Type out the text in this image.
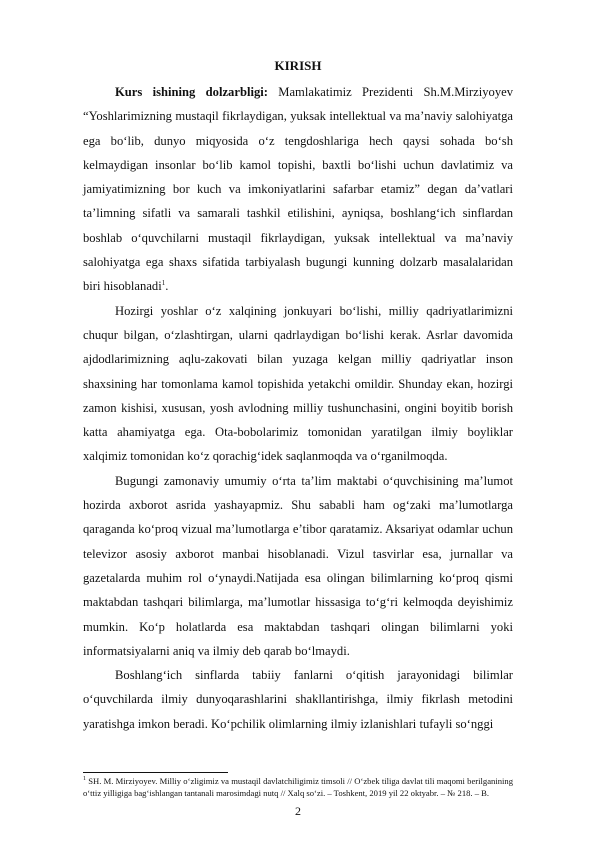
KIRISH

Kurs ishining dolzarbligi: Mamlakatimiz Prezidenti Sh.M.Mirziyoyev “Yoshlarimizning mustaqil fikrlaydigan, yuksak intellektual va ma’naviy salohiyatga ega bo‘lib, dunyo miqyosida o‘z tengdoshlariga hech qaysi sohada bo‘sh kelmaydigan insonlar bo‘lib kamol topishi, baxtli bo‘lishi uchun davlatimiz va jamiyatimizning bor kuch va imkoniyatlarini safarbar etamiz” degan da’vatlari ta’limning sifatli va samarali tashkil etilishini, ayniqsa, boshlang‘ich sinflardan boshlab o‘quvchilarni mustaqil fikrlaydigan, yuksak intellektual va ma’naviy salohiyatga ega shaxs sifatida tarbiyalash bugungi kunning dolzarb masalalaridan biri hisoblanadi$^1$.

Hozirgi yoshlar o‘z xalqining jonkuyari bo‘lishi, milliy qadriyatlarimizni chuqur bilgan, o‘zlashtirgan, ularni qadrlaydigan bo‘lishi kerak. Asrlar davomida ajdodlarimizning aqlu-zakovati bilan yuzaga kelgan milliy qadriyatlar inson shaxsining har tomonlama kamol topishida yetakchi omildir. Shunday ekan, hozirgi zamon kishisi, xususan, yosh avlodning milliy tushunchasini, ongini boyitib borish katta ahamiyatga ega. Ota-bobolarimiz tomonidan yaratilgan ilmiy boyliklar xalqimiz tomonidan ko‘z qorachig‘idek saqlanmoqda va o‘rganilmoqda.

Bugungi zamonaviy umumiy o‘rta ta’lim maktabi o‘quvchisining ma’lumot hozirda axborot asrida yashayapmiz. Shu sababli ham og‘zaki ma’lumotlarga qaraganda ko‘proq vizual ma’lumotlarga e’tibor qaratamiz. Aksariyat odamlar uchun televizor asosiy axborot manbai hisoblanadi. Vizul tasvirlar esa, jurnallar va gazetalarda muhim rol o‘ynaydi.Natijada esa olingan bilimlarning ko‘proq qismi maktabdan tashqari bilimlarga, ma’lumotlar hissasiga to‘g‘ri kelmoqda deyishimiz mumkin. Ko‘p holatlarda esa maktabdan tashqari olingan bilimlarni yoki informatsiyalarni aniq va ilmiy deb qarab bo‘lmaydi.

Boshlang‘ich sinflarda tabiiy fanlarni o‘qitish jarayonidagi bilimlar o‘quvchilarda ilmiy dunyoqarashlarini shakllantirishga, ilmiy fikrlash metodini yaratishga imkon beradi. Ko‘pchilik olimlarning ilmiy izlanishlari tufayli so‘nggi

$^1$ SH. M. Mirziyoyev. Milliy o‘zligimiz va mustaqil davlatchiligimiz timsoli // O‘zbek tiliga davlat tili maqomi berilganining o‘ttiz yilligiga bag‘ishlangan tantanali marosimdagi nutq // Xalq so‘zi. – Toshkent, 2019 yil 22 oktyabr. – № 218. – B.
2
